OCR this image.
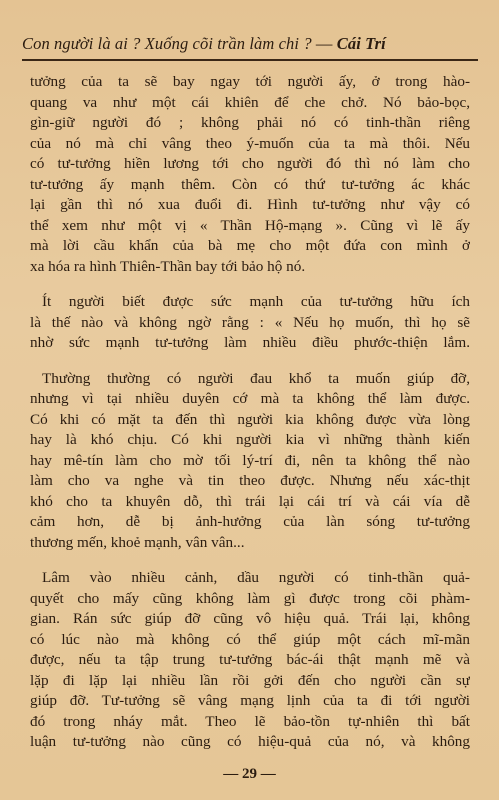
Con người là ai ? Xuống cõi trần làm chi ? — Cái Trí
tưởng của ta sẽ bay ngay tới người ấy, ở trong hào-
quang va như một cái khiên để che chở. Nó bảo-bọc,
gìn-giữ người đó ; không phải nó có tinh-thần riêng
của nó mà chỉ vâng theo ý-muốn của ta mà thôi. Nếu
có tư-tưởng hiền lương tới cho người đó thì nó làm cho
tư-tưởng ấy mạnh thêm. Còn có thứ tư-tưởng ác khác
lại gần thì nó xua đuổi đi. Hình tư-tưởng như vậy có
thể xem như một vị « Thần Hộ-mạng ». Cũng vì lẽ ấy
mà lời cầu khẩn của bà mẹ cho một đứa con mình ở
xa hóa ra hình Thiên-Thần bay tới bảo hộ nó.
Ít người biết được sức mạnh của tư-tưởng hữu ích
là thế nào và không ngờ rằng : « Nếu họ muốn, thì họ sẽ
nhờ sức mạnh tư-tưởng làm nhiều điều phước-thiện lắm.
Thường thường có người đau khổ ta muốn giúp đỡ,
nhưng vì tại nhiều duyên cớ mà ta không thể làm được.
Có khi có mặt ta đến thì người kia không được vừa lòng
hay là khó chịu. Có khi người kia vì những thành kiến
hay mê-tín làm cho mờ tối lý-trí đi, nên ta không thể nào
làm cho va nghe và tin theo được. Nhưng nếu xác-thịt
khó cho ta khuyên dỗ, thì trái lại cái trí và cái vía dễ
cảm hơn, dễ bị ảnh-hưởng của làn sóng tư-tưởng
thương mến, khoẻ mạnh, vân vân...
Lâm vào nhiều cảnh, dầu người có tinh-thần quả-
quyết cho mấy cũng không làm gì được trong cõi phàm-
gian. Rán sức giúp đỡ cũng vô hiệu quả. Trái lại, không
có lúc nào mà không có thể giúp một cách mĩ-mãn
được, nếu ta tập trung tư-tưởng bác-ái thật mạnh mẽ và
lặp đi lặp lại nhiều lần rồi gởi đến cho người cần sự
giúp đỡ. Tư-tưởng sẽ vâng mạng lịnh của ta đi tới người
đó trong nháy mắt. Theo lẽ bảo-tồn tự-nhiên thì bất
luận tư-tưởng nào cũng có hiệu-quả của nó, và không
— 29 —
